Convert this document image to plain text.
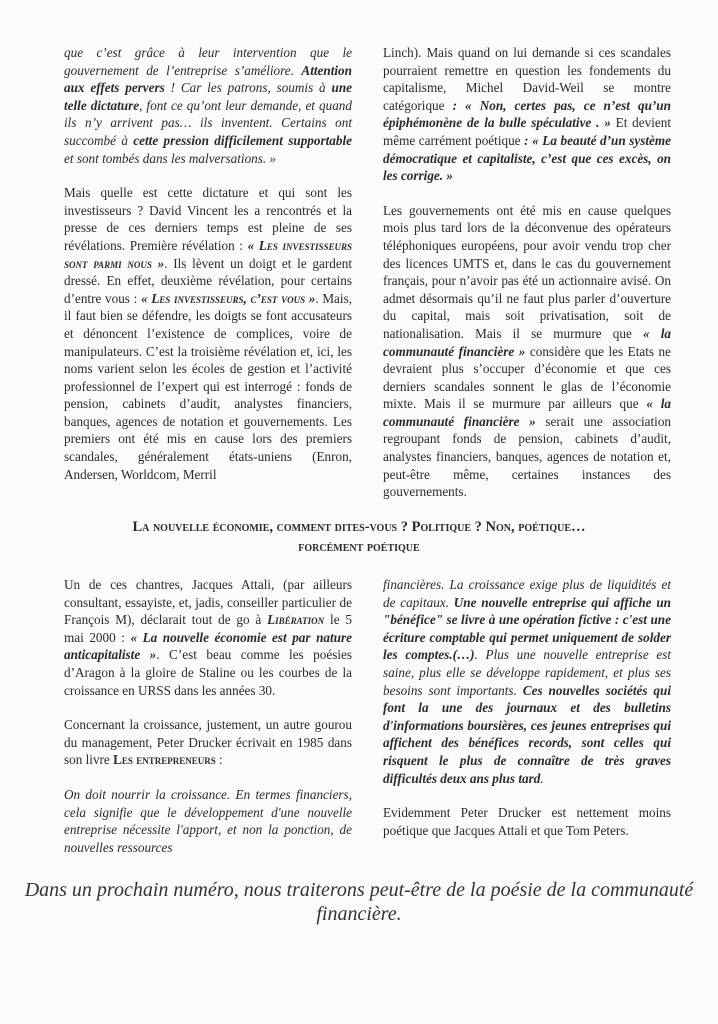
que c’est grâce à leur intervention que le gouvernement de l’entreprise s’améliore. Attention aux effets pervers ! Car les patrons, soumis à une telle dictature, font ce qu’ont leur demande, et quand ils n’y arrivent pas… ils inventent. Certains ont succombé à cette pression difficilement supportable et sont tombés dans les malversations. »

Mais quelle est cette dictature et qui sont les investisseurs ? David Vincent les a rencontrés et la presse de ces derniers temps est pleine de ses révélations. Première révélation : « Les investisseurs sont parmi nous ». Ils lèvent un doigt et le gardent dressé. En effet, deuxième révélation, pour certains d’entre vous : « Les investisseurs, c’est vous ». Mais, il faut bien se défendre, les doigts se font accusateurs et dénoncent l’existence de complices, voire de manipulateurs. C’est la troisième révélation et, ici, les noms varient selon les écoles de gestion et l’activité professionnel de l’expert qui est interrogé : fonds de pension, cabinets d’audit, analystes financiers, banques, agences de notation et gouvernements. Les premiers ont été mis en cause lors des premiers scandales, généralement états-uniens (Enron, Andersen, Worldcom, Merril

Linch). Mais quand on lui demande si ces scandales pourraient remettre en question les fondements du capitalisme, Michel David-Weil se montre catégorique : « Non, certes pas, ce n’est qu’un épiphémonène de la bulle spéculative . » Et devient même carrément poétique : « La beauté d’un système démocratique et capitaliste, c’est que ces excès, on les corrige. »

Les gouvernements ont été mis en cause quelques mois plus tard lors de la déconvenue des opérateurs téléphoniques européens, pour avoir vendu trop cher des licences UMTS et, dans le cas du gouvernement français, pour n’avoir pas été un actionnaire avisé. On admet désormais qu’il ne faut plus parler d’ouverture du capital, mais soit privatisation, soit de nationalisation. Mais il se murmure que « la communauté financière » considère que les Etats ne devraient plus s’occuper d’économie et que ces derniers scandales sonnent le glas de l’économie mixte. Mais il se murmure par ailleurs que « la communauté financière » serait une association regroupant fonds de pension, cabinets d’audit, analystes financiers, banques, agences de notation et, peut-être même, certaines instances des gouvernements.

La nouvelle économie, comment dites-vous ? Politique ? Non, poétique…
forcément poétique

Un de ces chantres, Jacques Attali, (par ailleurs consultant, essayiste, et, jadis, conseiller particulier de François M), déclarait tout de go à Libération le 5 mai 2000 : « La nouvelle économie est par nature anticapitaliste ». C’est beau comme les poésies d’Aragon à la gloire de Staline ou les courbes de la croissance en URSS dans les années 30.

Concernant la croissance, justement, un autre gourou du management, Peter Drucker écrivait en 1985 dans son livre Les entrepreneurs :

On doit nourrir la croissance. En termes financiers, cela signifie que le développement d'une nouvelle entreprise nécessite l'apport, et non la ponction, de nouvelles ressources

financières. La croissance exige plus de liquidités et de capitaux. Une nouvelle entreprise qui affiche un "bénéfice" se livre à une opération fictive : c'est une écriture comptable qui permet uniquement de solder les comptes.(…). Plus une nouvelle entreprise est saine, plus elle se développe rapidement, et plus ses besoins sont importants. Ces nouvelles sociétés qui font la une des journaux et des bulletins d'informations boursières, ces jeunes entreprises qui affichent des bénéfices records, sont celles qui risquent le plus de connaître de très graves difficultés deux ans plus tard.

Evidemment Peter Drucker est nettement moins poétique que Jacques Attali et que Tom Peters.

Dans un prochain numéro, nous traiterons peut-être de la poésie de la communauté financière.
